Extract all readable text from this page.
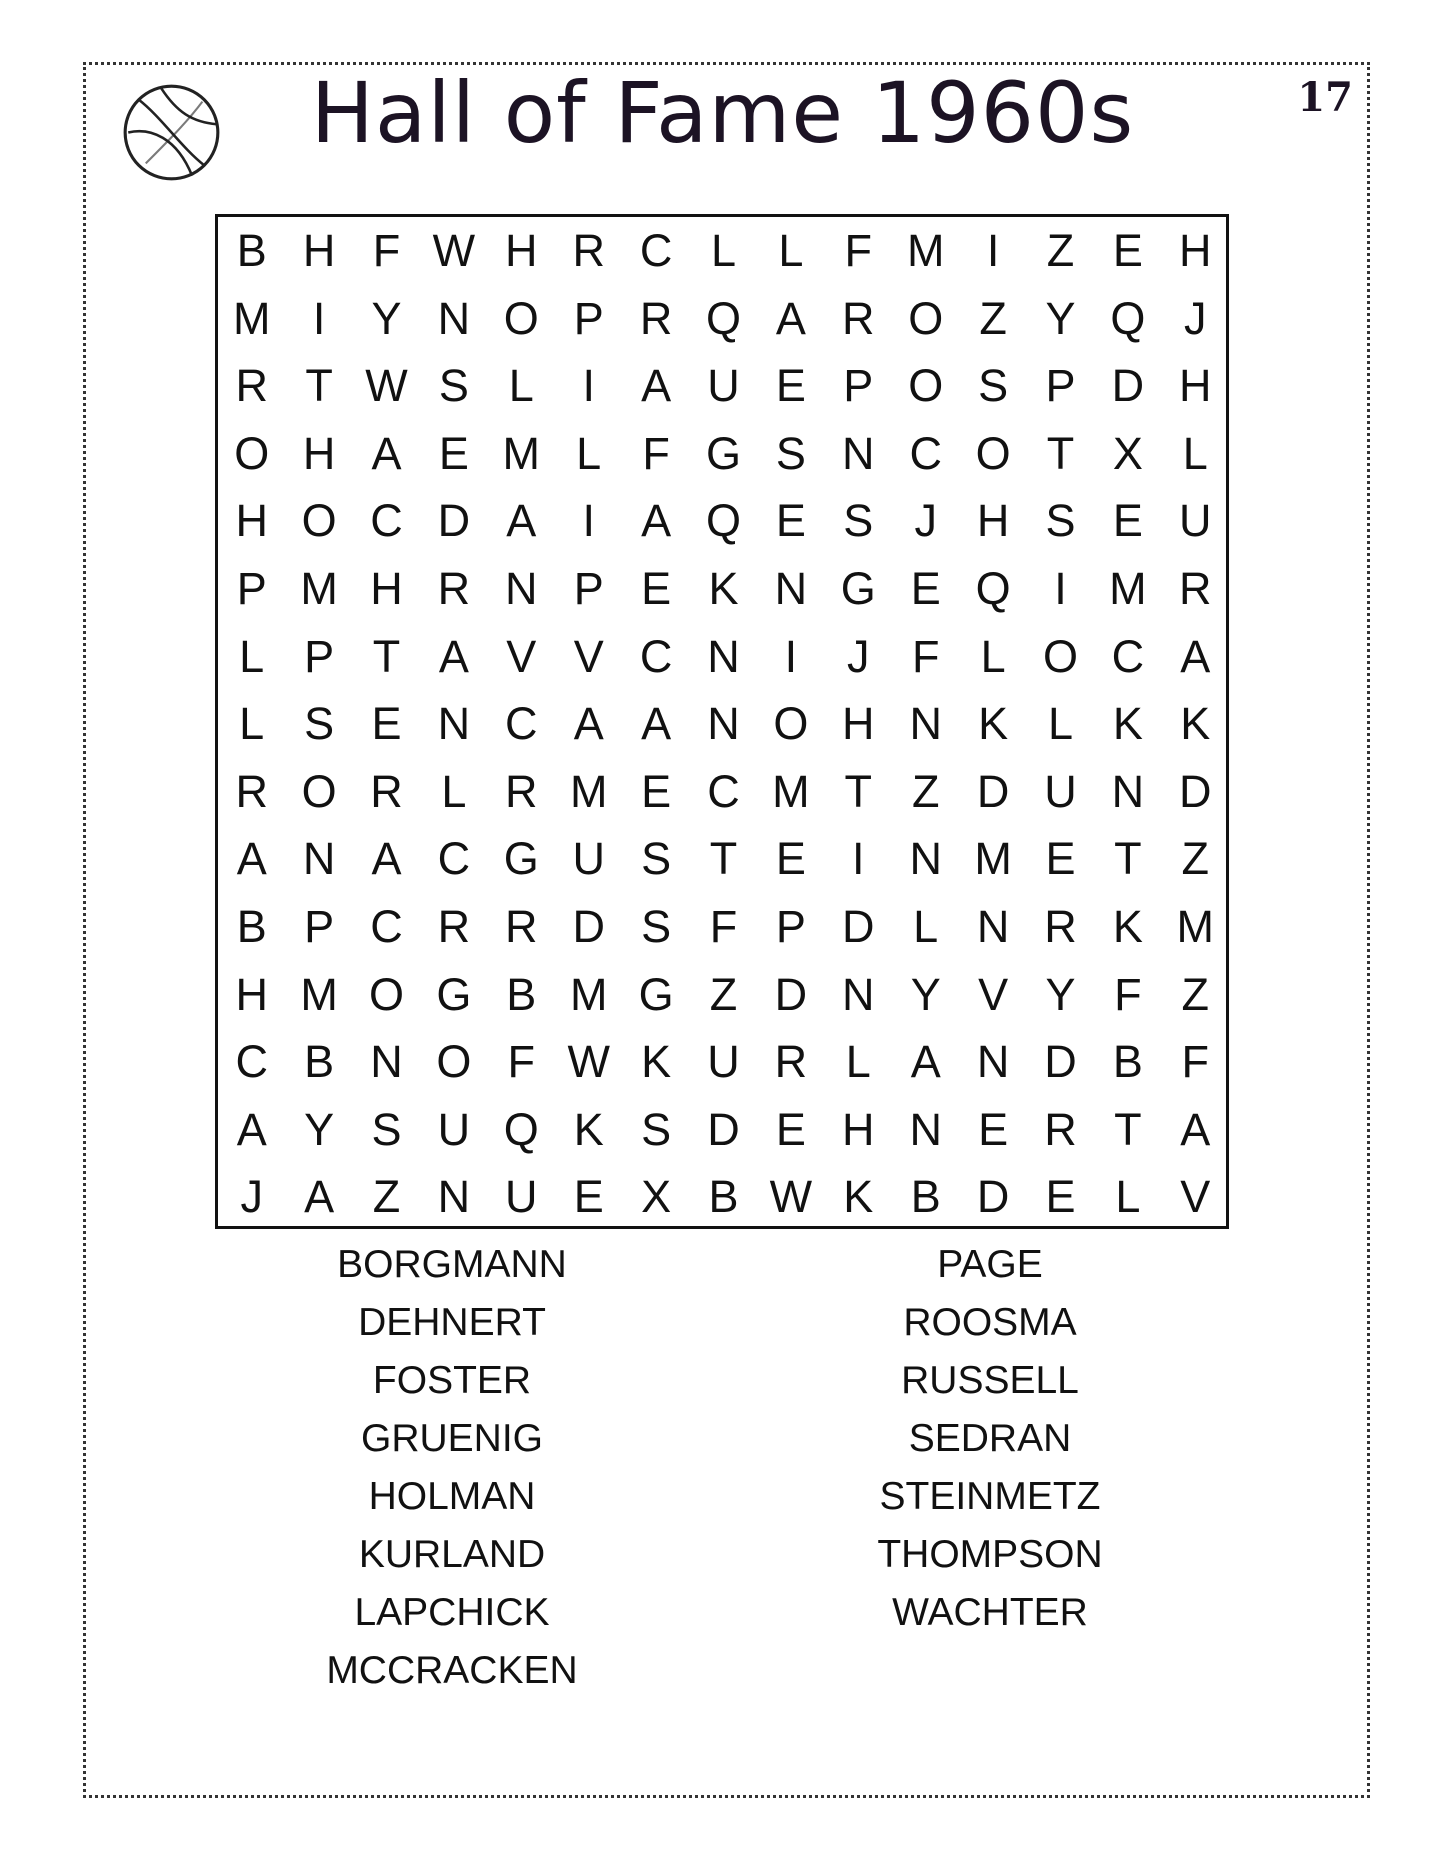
Hall of Fame 1960s	17
B H F W H R C L L F M I	Z E H
M I	Y N O P R Q A R O Z Y Q J
R T W S L	I	A U E P O S P D H
O H A E M L F G S N C O T X L
H O C D A	I	A Q E S J H S E U
P M H R N P E K N G E Q I M R
L P T A V V C N I	J F L O C A
L S E N C A A N O H N K L K K
R O R L R M E C M T Z D U N D
A N A C G U S T E	I N M E T Z
B P C R R D S F P D L N R K M
H M O G B M G Z D N Y V Y F Z
C B N O F W K U R L A N D B F
A Y S U Q K S D E H N E R T A
J A Z N U E X B W K B D E L V
BORGMANN
DEHNERT
FOSTER
GRUENIG
HOLMAN
KURLAND
LAPCHICK
MCCRACKEN
PAGE
ROOSMA
RUSSELL
SEDRAN
STEINMETZ
THOMPSON
WACHTER
